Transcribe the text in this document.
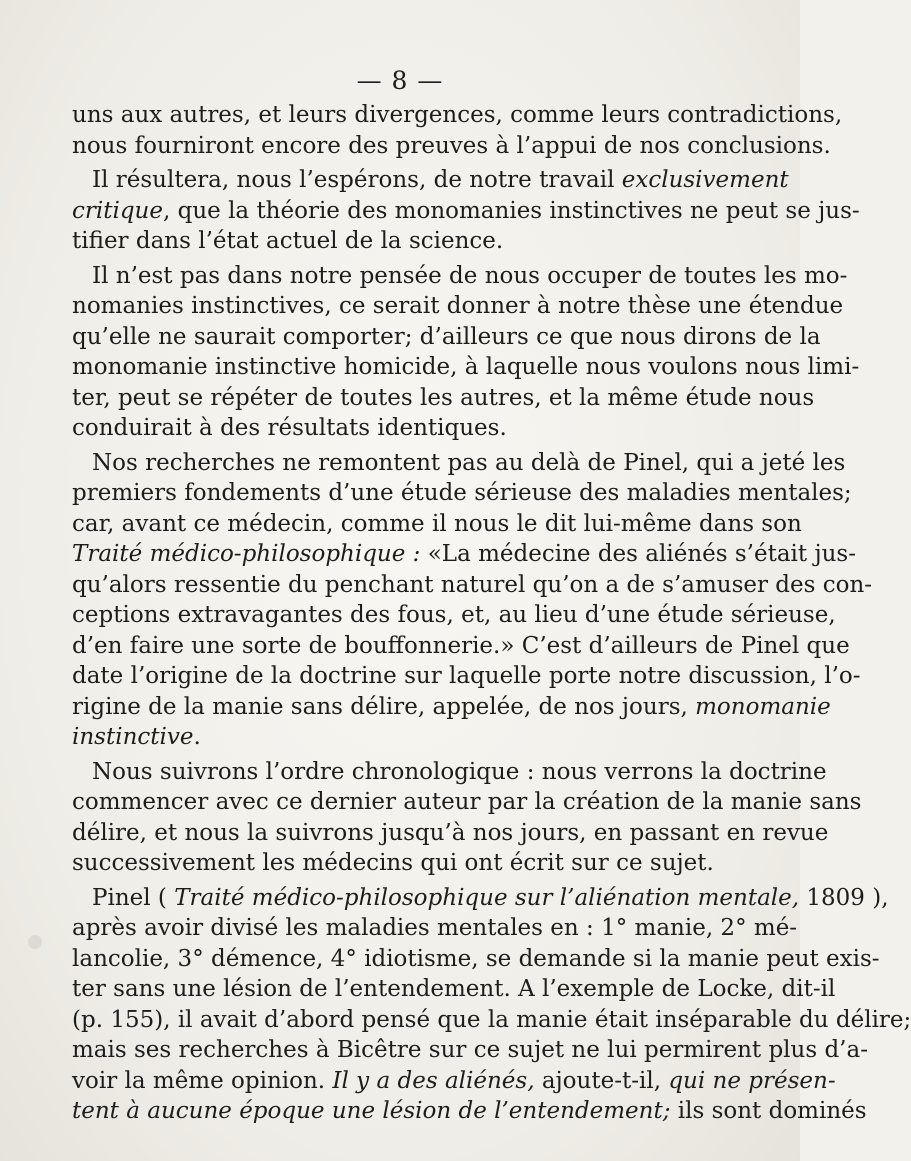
— 8 —
uns aux autres, et leurs divergences, comme leurs contradictions,
nous fourniront encore des preuves à l’appui de nos conclusions.
Il résultera, nous l’espérons, de notre travail exclusivement
critique, que la théorie des monomanies instinctives ne peut se jus-
tifier dans l’état actuel de la science.
Il n’est pas dans notre pensée de nous occuper de toutes les mo-
nomanies instinctives, ce serait donner à notre thèse une étendue
qu’elle ne saurait comporter; d’ailleurs ce que nous dirons de la
monomanie instinctive homicide, à laquelle nous voulons nous limi-
ter, peut se répéter de toutes les autres, et la même étude nous
conduirait à des résultats identiques.
Nos recherches ne remontent pas au delà de Pinel, qui a jeté les
premiers fondements d’une étude sérieuse des maladies mentales;
car, avant ce médecin, comme il nous le dit lui-même dans son
Traité médico-philosophique : «La médecine des aliénés s’était jus-
qu’alors ressentie du penchant naturel qu’on a de s’amuser des con-
ceptions extravagantes des fous, et, au lieu d’une étude sérieuse,
d’en faire une sorte de bouffonnerie.» C’est d’ailleurs de Pinel que
date l’origine de la doctrine sur laquelle porte notre discussion, l’o-
rigine de la manie sans délire, appelée, de nos jours, monomanie
instinctive.
Nous suivrons l’ordre chronologique : nous verrons la doctrine
commencer avec ce dernier auteur par la création de la manie sans
délire, et nous la suivrons jusqu’à nos jours, en passant en revue
successivement les médecins qui ont écrit sur ce sujet.
Pinel ( Traité médico-philosophique sur l’aliénation mentale, 1809 ),
après avoir divisé les maladies mentales en : 1° manie, 2° mé-
lancolie, 3° démence, 4° idiotisme, se demande si la manie peut exis-
ter sans une lésion de l’entendement. A l’exemple de Locke, dit-il
(p. 155), il avait d’abord pensé que la manie était inséparable du délire;
mais ses recherches à Bicêtre sur ce sujet ne lui permirent plus d’a-
voir la même opinion. Il y a des aliénés, ajoute-t-il, qui ne présen-
tent à aucune époque une lésion de l’entendement; ils sont dominés
